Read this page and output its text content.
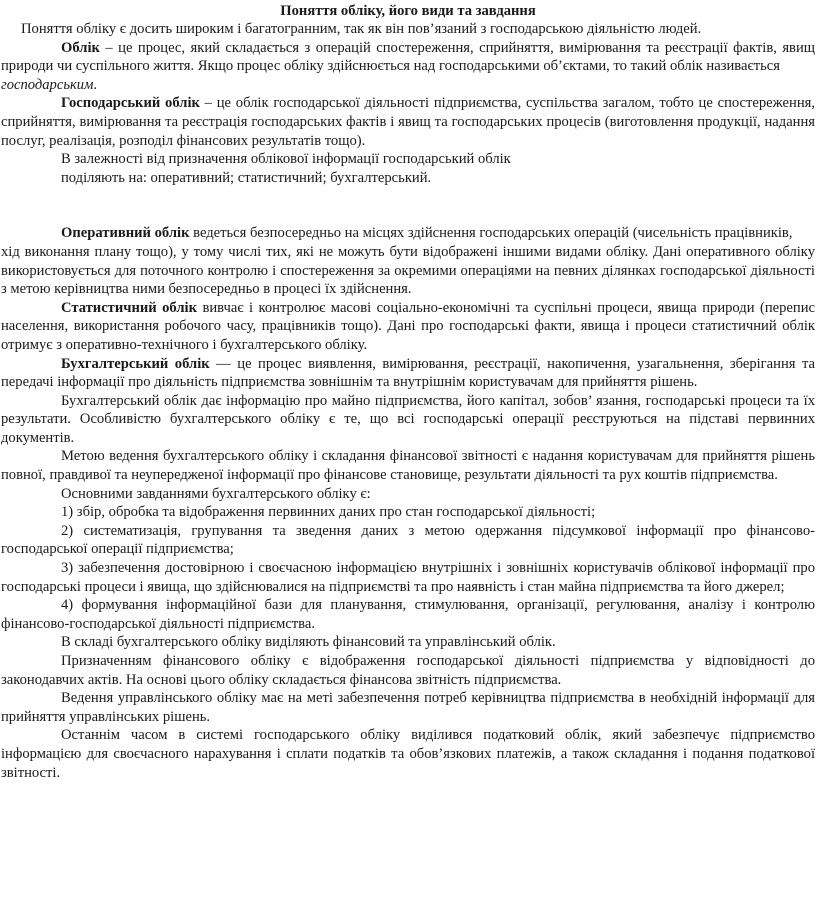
Поняття обліку, його види та завдання

Поняття обліку є досить широким і багатогранним, так як він пов’язаний з господарською діяльністю людей.

Облік – це процес, який складається з операцій спостереження, сприйняття, вимірювання та реєстрації фактів, явищ природи чи суспільного життя. Якщо процес обліку здійснюється над господарськими об’єктами, то такий облік називається
господарським.

Господарський облік – це облік господарської діяльності підприємства, суспільства загалом, тобто це спостереження, сприйняття, вимірювання та реєстрація господарських фактів і явищ та господарських процесів (виготовлення продукції, надання послуг, реалізація, розподіл фінансових результатів тощо).

В залежності від призначення облікової інформації господарський облік

поділяють на: оперативний; статистичний; бухгалтерський.

Оперативний облік ведеться безпосередньо на місцях здійснення господарських операцій (чисельність працівників,

хід виконання плану тощо), у тому числі тих, які не можуть бути відображені іншими видами обліку. Дані оперативного обліку використовується для поточного контролю і спостереження за окремими операціями на певних ділянках господарської діяльності з метою керівництва ними безпосередньо в процесі їх здійснення.

Статистичний облік вивчає і контролює масові соціально-економічні та суспільні процеси, явища природи (перепис населення, використання робочого часу, працівників тощо). Дані про господарські факти, явища і процеси статистичний облік отримує з оперативно-технічного і бухгалтерського обліку.

Бухгалтерський облік — це процес виявлення, вимірювання, реєстрації, накопичення, узагальнення, зберігання та передачі інформації про діяльність підприємства зовнішнім та внутрішнім користувачам для прийняття рішень.

Бухгалтерський облік дає інформацію про майно підприємства, його капітал, зобов’ язання, господарські процеси та їх результати. Особливістю бухгалтерського обліку є те, що всі господарські операції реєструються на підставі первинних документів.

Метою ведення бухгалтерського обліку і складання фінансової звітності є надання користувачам для прийняття рішень повної, правдивої та неупередженої інформації про фінансове становище, результати діяльності та рух коштів підприємства.

Основними завданнями бухгалтерського обліку є:

1) збір, обробка та відображення первинних даних про стан господарської діяльності;

2) систематизація, групування та зведення даних з метою одержання підсумкової інформації про фінансово-господарської операції підприємства;

3) забезпечення достовірною і своєчасною інформацією внутрішніх і зовнішніх користувачів облікової інформації про господарські процеси і явища, що здійснювалися на підприємстві та про наявність і стан майна підприємства та його джерел;

4) формування інформаційної бази для планування, стимулювання, організації, регулювання, аналізу і контролю фінансово-господарської діяльності підприємства.

В складі бухгалтерського обліку виділяють фінансовий та управлінський облік.

Призначенням фінансового обліку є відображення господарської діяльності підприємства у відповідності до законодавчих актів. На основі цього обліку складається фінансова звітність підприємства.

Ведення управлінського обліку має на меті забезпечення потреб керівництва підприємства в необхідній інформації для прийняття управлінських рішень.

Останнім часом в системі господарського обліку виділився податковий облік, який забезпечує підприємство інформацією для своєчасного нарахування і сплати податків та обов’язкових платежів, а також складання і подання податкової звітності.
